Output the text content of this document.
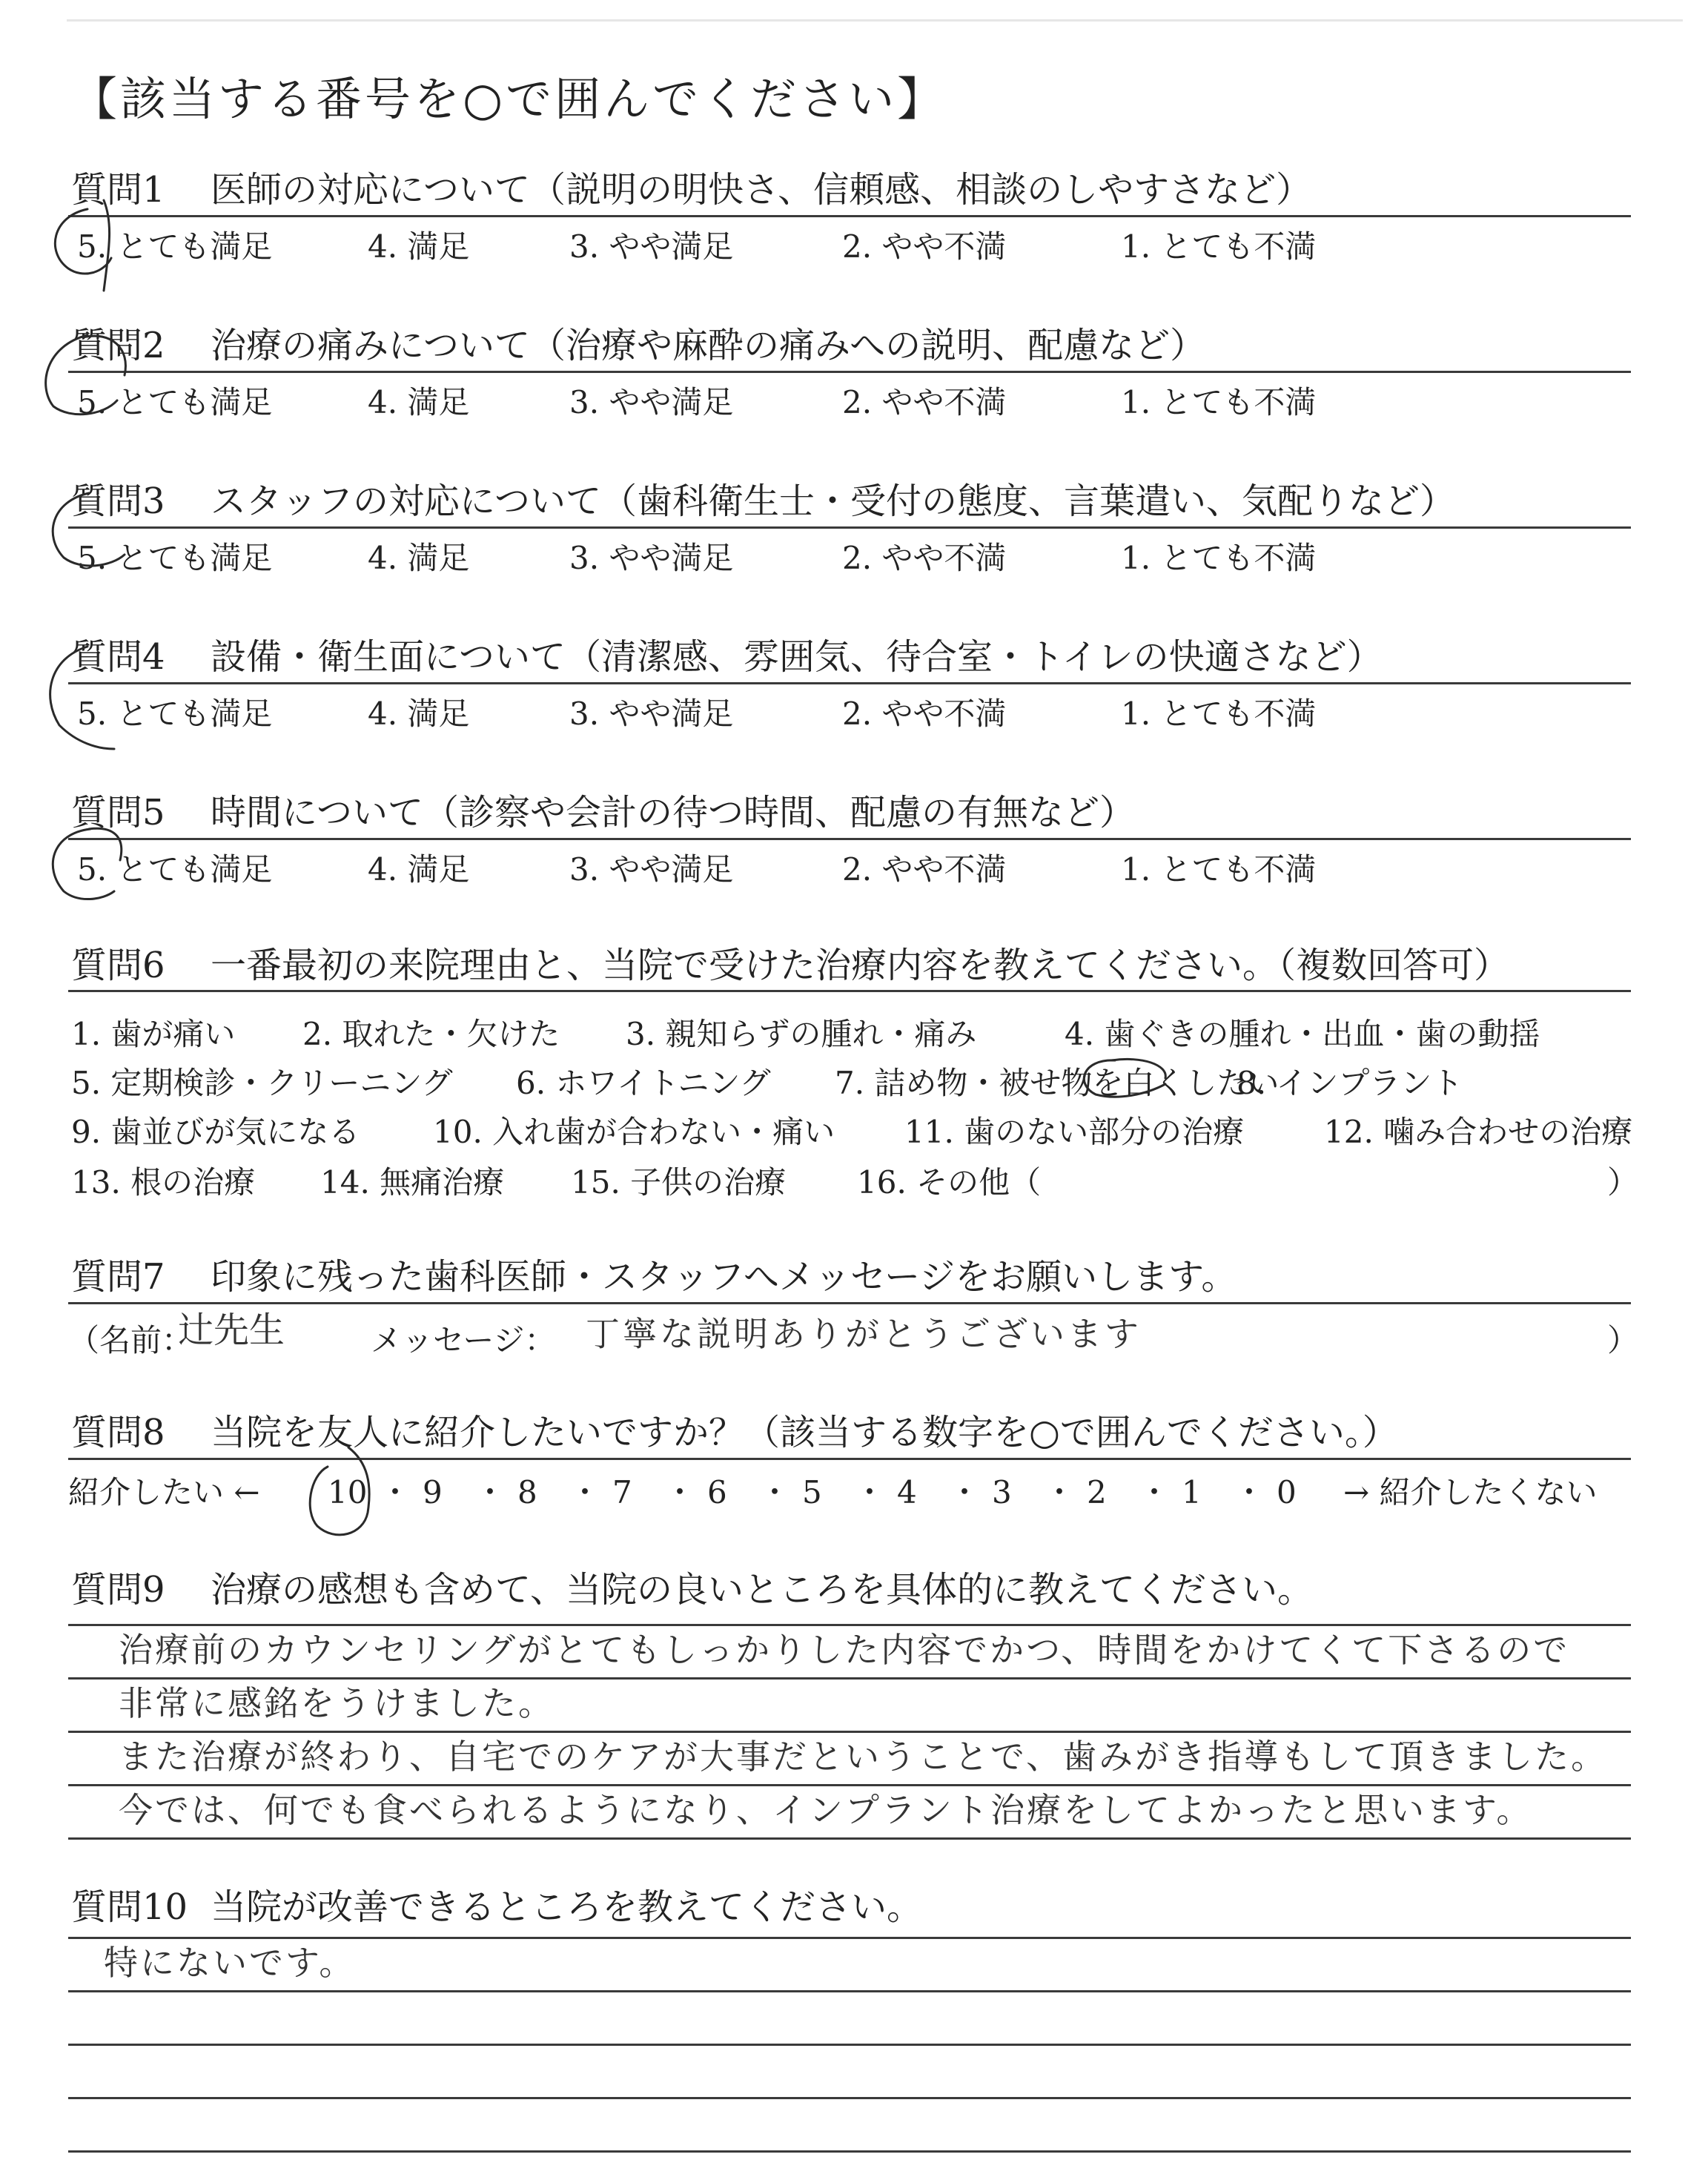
【該当する番号を○で囲んでください】
質問1 医師の対応について（説明の明快さ、信頼感、相談のしやすさなど）
5. とても満足	4. 満足	3. やや満足	2. やや不満	1. とても不満
質問2 治療の痛みについて（治療や麻酔の痛みへの説明、配慮など）
5. とても満足	4. 満足	3. やや満足	2. やや不満	1. とても不満
質問3 スタッフの対応について（歯科衛生士・受付の態度、言葉遣い、気配りなど）
5. とても満足	4. 満足	3. やや満足	2. やや不満	1. とても不満
質問4 設備・衛生面について（清潔感、雰囲気、待合室・トイレの快適さなど）
5. とても満足	4. 満足	3. やや満足	2. やや不満	1. とても不満
質問5 時間について（診察や会計の待つ時間、配慮の有無など）
5. とても満足	4. 満足	3. やや満足	2. やや不満	1. とても不満
質問6 一番最初の来院理由と、当院で受けた治療内容を教えてください。（複数回答可）
1. 歯が痛い 2. 取れた・欠けた 3. 親知らずの腫れ・痛み	4. 歯ぐきの腫れ・出血・歯の動揺
5. 定期検診・クリーニング 6. ホワイトニング 7. 詰め物・被せ物を白くしたい
8. インプラント
9. 歯並びが気になる 10. 入れ歯が合わない・痛い 11. 歯のない部分の治療	12. 噛み合わせの治療
13. 根の治療 14. 無痛治療 15. 子供の治療 16. その他（	）
質問7 印象に残った歯科医師・スタッフへメッセージをお願いします。
（名前：
辻先生	メッセージ： 丁寧な説明ありがとうございます	）
質問8 当院を友人に紹介したいですか？（該当する数字を○で囲んでください。）
紹介したい ← 10 ・ 9 ・ 8 ・ 7 ・ 6 ・ 5 ・ 4 ・ 3 ・ 2 ・ 1 ・ 0 → 紹介したくない
質問9 治療の感想も含めて、当院の良いところを具体的に教えてください。
治療前のカウンセリングがとてもしっかりした内容でかつ、時間をかけてくて下さるので
非常に感銘をうけました。
また治療が終わり、自宅でのケアが大事だということで、歯みがき指導もして頂きました。
今では、何でも食べられるようになり、インプラント治療をしてよかったと思います。
質問10 当院が改善できるところを教えてください。
特にないです。
